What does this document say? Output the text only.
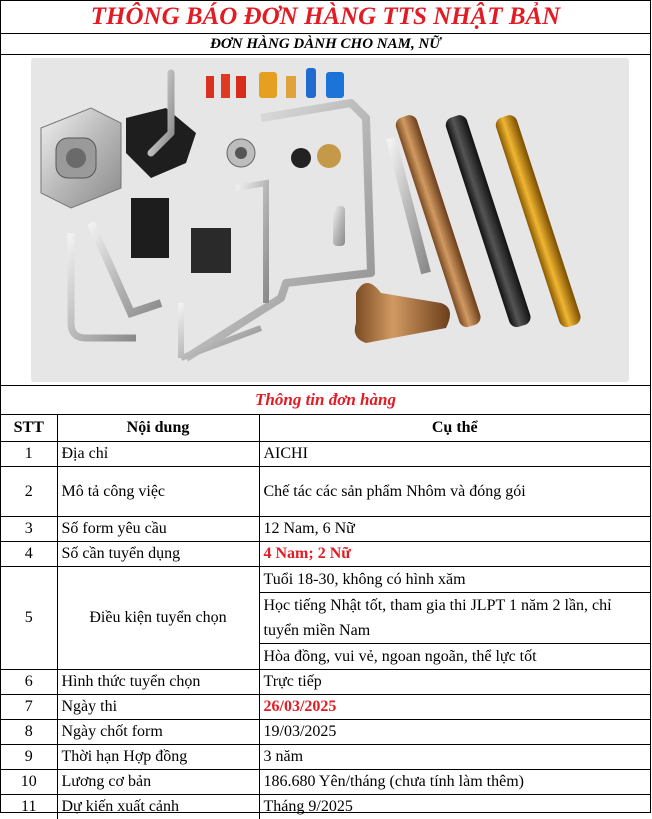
THÔNG BÁO ĐƠN HÀNG TTS NHẬT BẢN
ĐƠN HÀNG DÀNH CHO NAM, NỮ
Thông tin đơn hàng
STT	Nội dung	Cụ thể
1	Địa chỉ	AICHI
2	Mô tả công việc	Chế tác các sản phẩm Nhôm và đóng gói
3	Số form yêu cầu	12 Nam, 6 Nữ
4	Số cần tuyển dụng	4 Nam; 2 Nữ
5	Điều kiện tuyển chọn	Tuổi 18-30, không có hình xăm
Học tiếng Nhật tốt, tham gia thi JLPT 1 năm 2 lần, chỉ tuyển miền Nam
Hòa đồng, vui vẻ, ngoan ngoãn, thể lực tốt

6	Hình thức tuyển chọn	Trực tiếp
7	Ngày thi	26/03/2025
8	Ngày chốt form	19/03/2025
9	Thời hạn Hợp đồng	3 năm
10	Lương cơ bản	186.680 Yên/tháng (chưa tính làm thêm)
11	Dự kiến xuất cảnh	Tháng 9/2025
